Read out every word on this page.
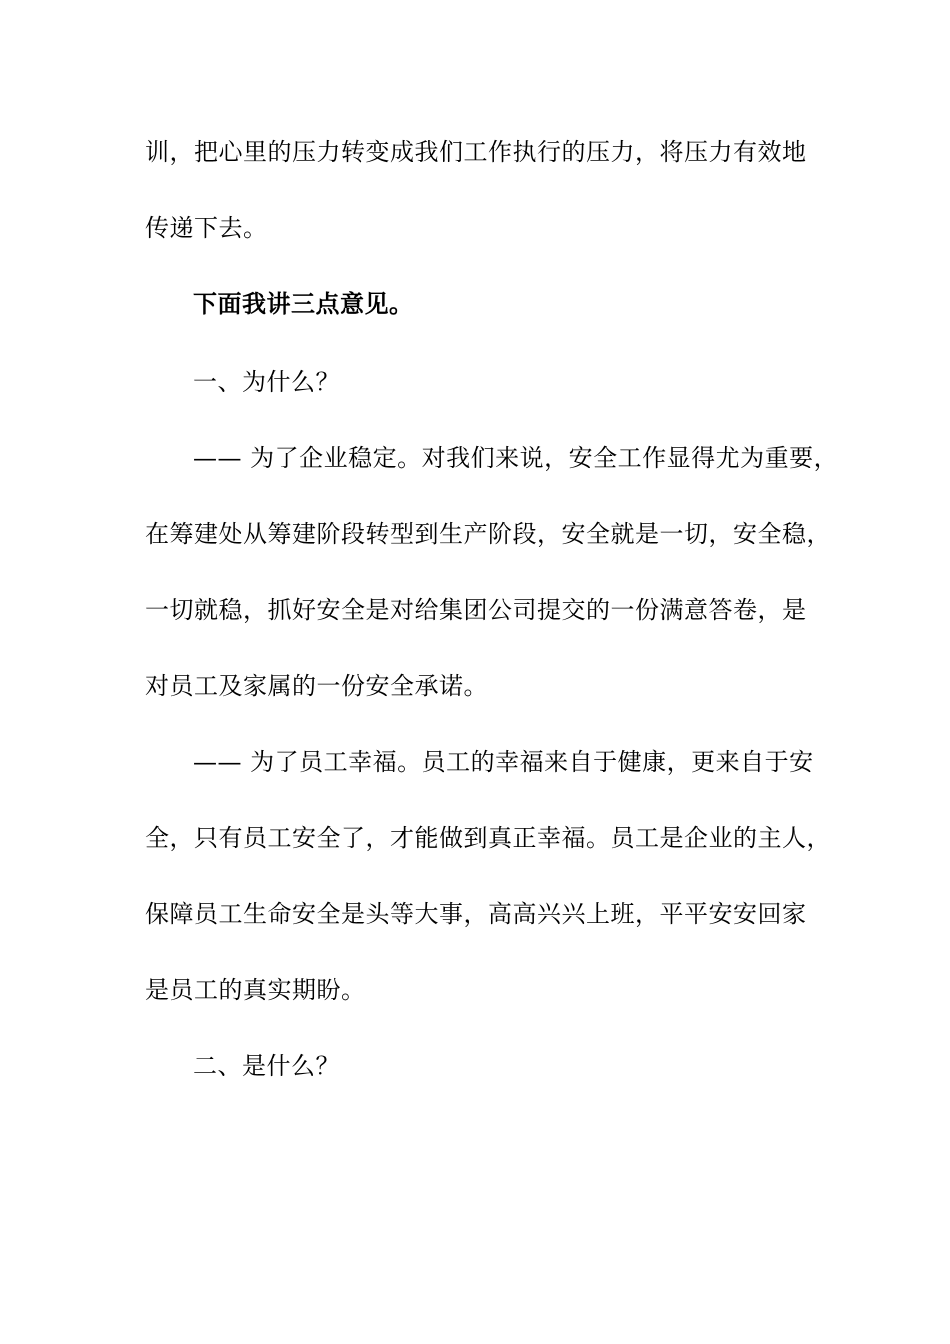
训，把心里的压力转变成我们工作执行的压力，将压力有效地
传递下去。
下面我讲三点意见。
一、为什么？
—— 为了企业稳定。对我们来说，安全工作显得尤为重要，
在筹建处从筹建阶段转型到生产阶段，安全就是一切，安全稳，
一切就稳，抓好安全是对给集团公司提交的一份满意答卷，是
对员工及家属的一份安全承诺。
—— 为了员工幸福。员工的幸福来自于健康，更来自于安
全，只有员工安全了，才能做到真正幸福。员工是企业的主人，
保障员工生命安全是头等大事，高高兴兴上班，平平安安回家
是员工的真实期盼。
二、是什么？
